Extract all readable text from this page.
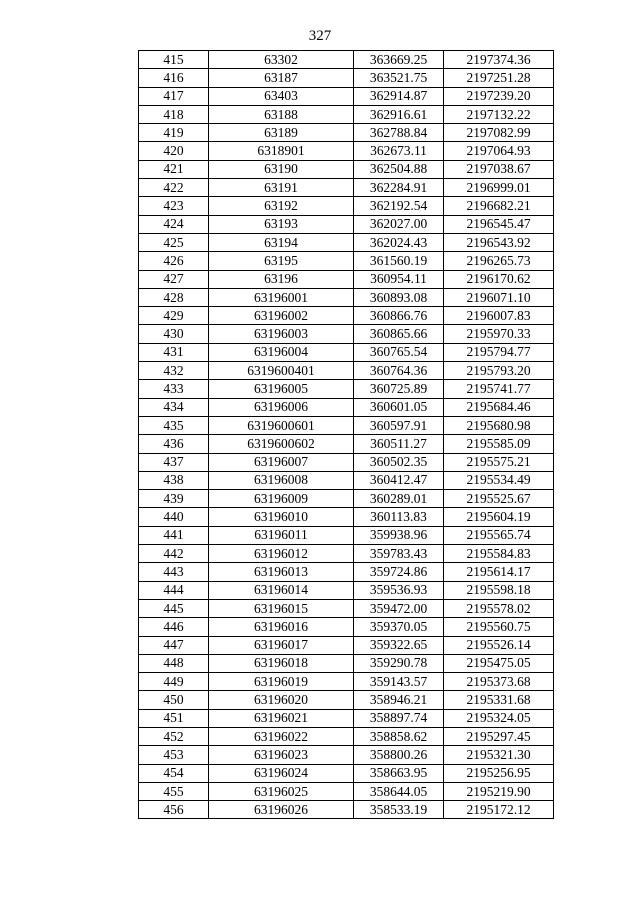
327
415	63302	363669.25	2197374.36
416	63187	363521.75	2197251.28
417	63403	362914.87	2197239.20
418	63188	362916.61	2197132.22
419	63189	362788.84	2197082.99
420	6318901	362673.11	2197064.93
421	63190	362504.88	2197038.67
422	63191	362284.91	2196999.01
423	63192	362192.54	2196682.21
424	63193	362027.00	2196545.47
425	63194	362024.43	2196543.92
426	63195	361560.19	2196265.73
427	63196	360954.11	2196170.62
428	63196001	360893.08	2196071.10
429	63196002	360866.76	2196007.83
430	63196003	360865.66	2195970.33
431	63196004	360765.54	2195794.77
432	6319600401	360764.36	2195793.20
433	63196005	360725.89	2195741.77
434	63196006	360601.05	2195684.46
435	6319600601	360597.91	2195680.98
436	6319600602	360511.27	2195585.09
437	63196007	360502.35	2195575.21
438	63196008	360412.47	2195534.49
439	63196009	360289.01	2195525.67
440	63196010	360113.83	2195604.19
441	63196011	359938.96	2195565.74
442	63196012	359783.43	2195584.83
443	63196013	359724.86	2195614.17
444	63196014	359536.93	2195598.18
445	63196015	359472.00	2195578.02
446	63196016	359370.05	2195560.75
447	63196017	359322.65	2195526.14
448	63196018	359290.78	2195475.05
449	63196019	359143.57	2195373.68
450	63196020	358946.21	2195331.68
451	63196021	358897.74	2195324.05
452	63196022	358858.62	2195297.45
453	63196023	358800.26	2195321.30
454	63196024	358663.95	2195256.95
455	63196025	358644.05	2195219.90
456	63196026	358533.19	2195172.12
